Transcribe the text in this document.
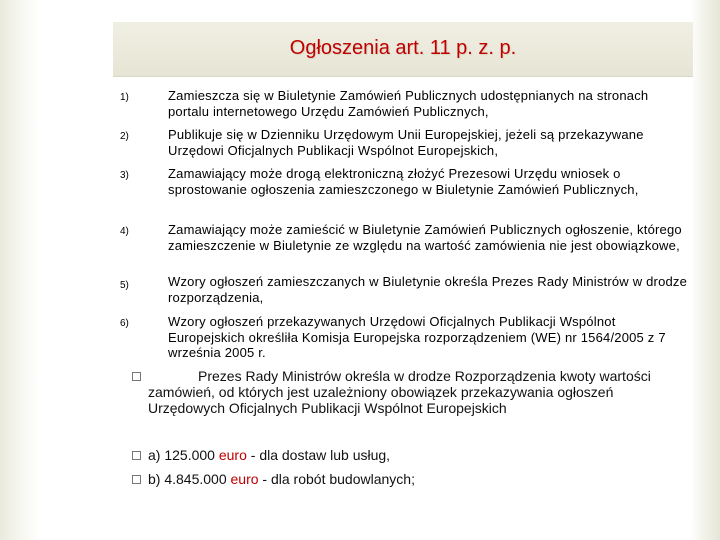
Ogłoszenia art. 11 p. z. p.
1)	Zamieszcza się w Biuletynie Zamówień Publicznych udostępnianych na stronach portalu internetowego Urzędu Zamówień Publicznych,
2)	Publikuje się w Dzienniku Urzędowym Unii Europejskiej, jeżeli są przekazywane Urzędowi Oficjalnych Publikacji Wspólnot Europejskich,
3)	Zamawiający może drogą elektroniczną złożyć Prezesowi Urzędu wniosek o sprostowanie ogłoszenia zamieszczonego w Biuletynie Zamówień Publicznych,
4)	Zamawiający może zamieścić w Biuletynie Zamówień Publicznych ogłoszenie, którego zamieszczenie w Biuletynie ze względu na wartość zamówienia nie jest obowiązkowe,
5)	Wzory ogłoszeń zamieszczanych w Biuletynie określa Prezes Rady Ministrów w drodze rozporządzenia,
6)	Wzory ogłoszeń przekazywanych Urzędowi Oficjalnych Publikacji Wspólnot Europejskich określiła Komisja Europejska rozporządzeniem (WE) nr 1564/2005 z 7 września 2005 r.
Prezes Rady Ministrów określa w drodze Rozporządzenia kwoty wartości zamówień, od których jest uzależniony obowiązek przekazywania ogłoszeń Urzędowych Oficjalnych Publikacji Wspólnot Europejskich
a) 125.000 euro - dla dostaw lub usług,
b) 4.845.000 euro - dla robót budowlanych;
